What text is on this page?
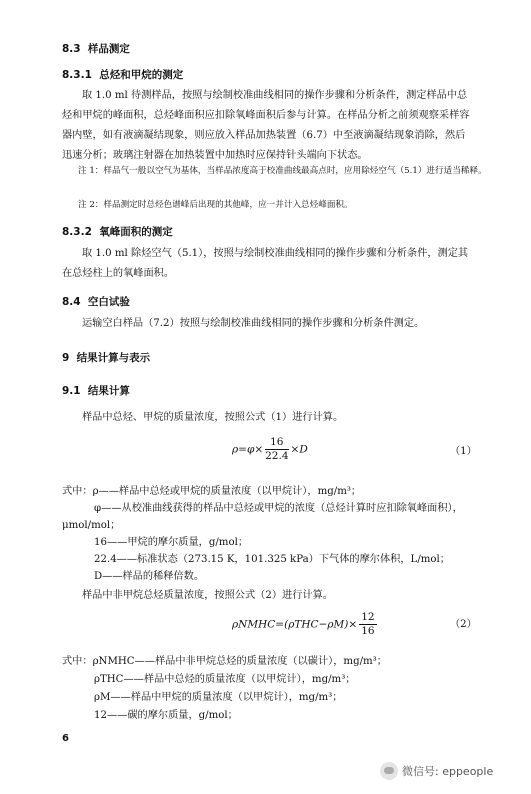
8.3 样品测定
8.3.1 总烃和甲烷的测定
取 1.0 ml 待测样品，按照与绘制校准曲线相同的操作步骤和分析条件，测定样品中总烃和甲烷的峰面积，总烃峰面积应扣除氧峰面积后参与计算。在样品分析之前须观察采样容器内壁，如有液滴凝结现象，则应放入样品加热装置（6.7）中至液滴凝结现象消除，然后迅速分析；玻璃注射器在加热装置中加热时应保持针头端向下状态。
注 1：样品气一般以空气为基体，当样品浓度高于校准曲线最高点时，应用除烃空气（5.1）进行适当稀释。
注 2：样品测定时总烃色谱峰后出现的其他峰，应一并计入总烃峰面积。
8.3.2 氧峰面积的测定
取 1.0 ml 除烃空气（5.1），按照与绘制校准曲线相同的操作步骤和分析条件，测定其在总烃柱上的氧峰面积。
8.4 空白试验
运输空白样品（7.2）按照与绘制校准曲线相同的操作步骤和分析条件测定。
9 结果计算与表示
9.1 结果计算
样品中总烃、甲烷的质量浓度，按照公式（1）进行计算。
$\rho=\varphi\times \frac{16}{22.4} \times D$	（1）
式中：ρ——样品中总烃或甲烷的质量浓度（以甲烷计），mg/m³；
φ——从校准曲线获得的样品中总烃或甲烷的浓度（总烃计算时应扣除氧峰面积），
μmol/mol；
16——甲烷的摩尔质量，g/mol；
22.4——标准状态（273.15 K，101.325 kPa）下气体的摩尔体积，L/mol；
D——样品的稀释倍数。
样品中非甲烷总烃质量浓度，按照公式（2）进行计算。
ρNMHC=(ρTHC−ρM)× $\frac{12}{16}$	（2）
式中：ρNMHC——样品中非甲烷总烃的质量浓度（以碳计），mg/m³；
ρTHC——样品中总烃的质量浓度（以甲烷计），mg/m³；
ρM——样品中甲烷的质量浓度（以甲烷计），mg/m³；
12——碳的摩尔质量，g/mol；
6
微信号: eppeople
